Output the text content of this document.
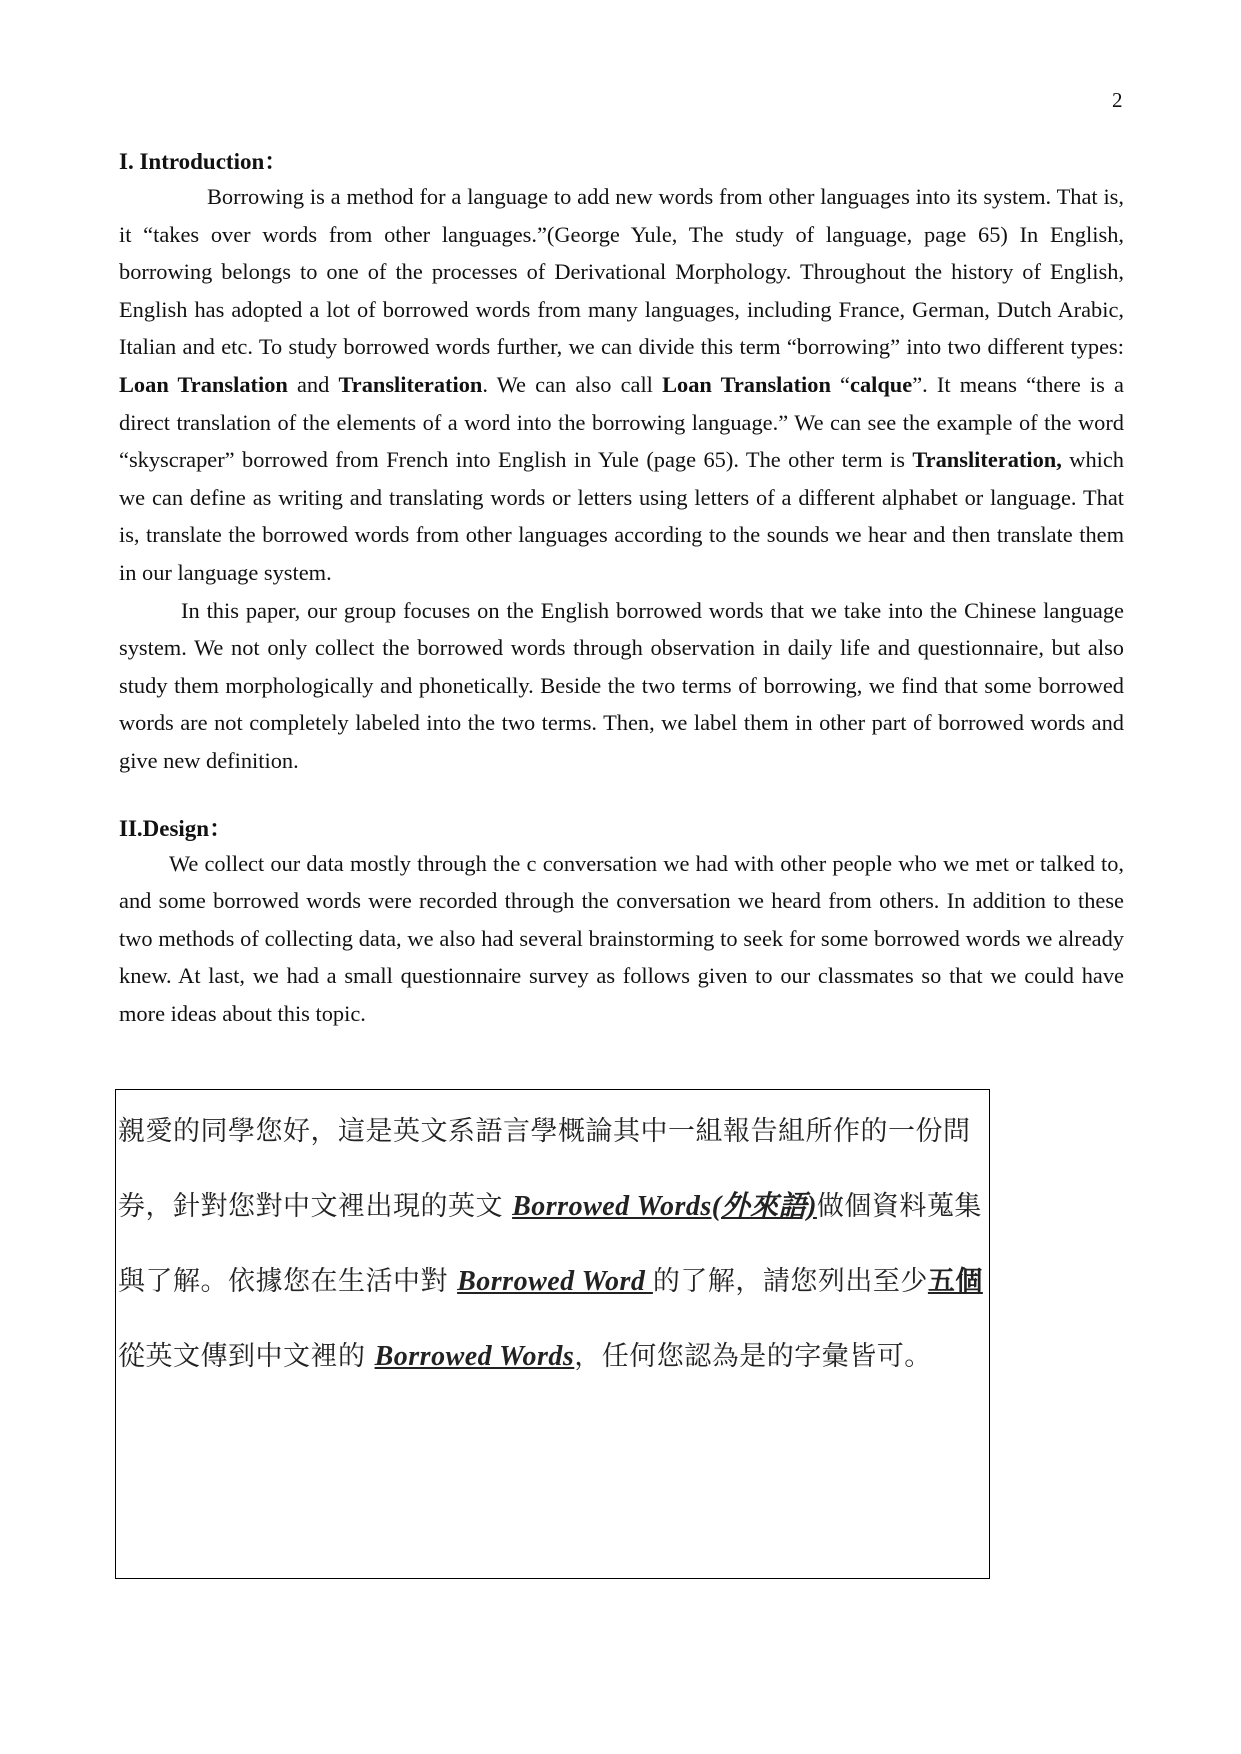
2
I. Introduction：

Borrowing is a method for a language to add new words from other languages into its system. That is, it “takes over words from other languages.”(George Yule, The study of language, page 65) In English, borrowing belongs to one of the processes of Derivational Morphology. Throughout the history of English, English has adopted a lot of borrowed words from many languages, including France, German, Dutch Arabic, Italian and etc. To study borrowed words further, we can divide this term “borrowing” into two different types: Loan Translation and Transliteration. We can also call Loan Translation “calque”. It means “there is a direct translation of the elements of a word into the borrowing language.” We can see the example of the word “skyscraper” borrowed from French into English in Yule (page 65). The other term is Transliteration, which we can define as writing and translating words or letters using letters of a different alphabet or language. That is, translate the borrowed words from other languages according to the sounds we hear and then translate them in our language system.

In this paper, our group focuses on the English borrowed words that we take into the Chinese language system. We not only collect the borrowed words through observation in daily life and questionnaire, but also study them morphologically and phonetically. Beside the two terms of borrowing, we find that some borrowed words are not completely labeled into the two terms. Then, we label them in other part of borrowed words and give new definition.

II.Design：

We collect our data mostly through the c conversation we had with other people who we met or talked to, and some borrowed words were recorded through the conversation we heard from others. In addition to these two methods of collecting data, we also had several brainstorming to seek for some borrowed words we already knew. At last, we had a small questionnaire survey as follows given to our classmates so that we could have more ideas about this topic.

親愛的同學您好，這是英文系語言學概論其中一組報告組所作的一份問券，針對您對中文裡出現的英文 Borrowed Words(外來語)做個資料蒐集與了解。依據您在生活中對 Borrowed Word 的了解，請您列出至少五個從英文傳到中文裡的 Borrowed Words，任何您認為是的字彙皆可。
